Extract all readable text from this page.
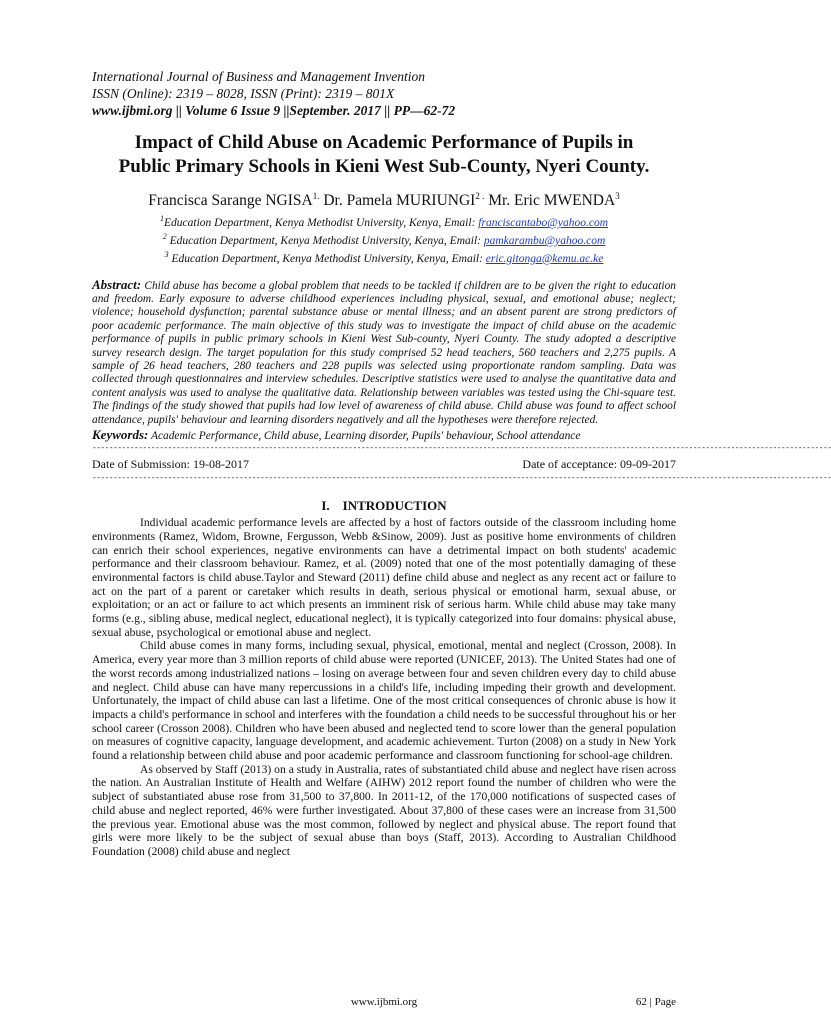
International Journal of Business and Management Invention
ISSN (Online): 2319 – 8028, ISSN (Print): 2319 – 801X
www.ijbmi.org || Volume 6 Issue 9 ||September. 2017 || PP—62-72
Impact of Child Abuse on Academic Performance of Pupils in
Public Primary Schools in Kieni West Sub-County, Nyeri County.
Francisca Sarange $NGISA^{1.}$ Dr. Pamela $MURIUNGI^{2 .}$ Mr. Eric MWENDA$^3$
$^1$Education Department, Kenya Methodist University, Kenya, Email: franciscantabo@yahoo.com
$^2$ Education Department, Kenya Methodist University, Kenya, Email: pamkarambu@yahoo.com
$^3$ Education Department, Kenya Methodist University, Kenya, Email: eric.gitonga@kemu.ac.ke
Abstract: Child abuse has become a global problem that needs to be tackled if children are to be given the right to education and freedom. Early exposure to adverse childhood experiences including physical, sexual, and emotional abuse; neglect; violence; household dysfunction; parental substance abuse or mental illness; and an absent parent are strong predictors of poor academic performance. The main objective of this study was to investigate the impact of child abuse on the academic performance of pupils in public primary schools in Kieni West Sub-county, Nyeri County. The study adopted a descriptive survey research design. The target population for this study comprised 52 head teachers, 560 teachers and 2,275 pupils. A sample of 26 head teachers, 280 teachers and 228 pupils was selected using proportionate random sampling. Data was collected through questionnaires and interview schedules. Descriptive statistics were used to analyse the quantitative data and content analysis was used to analyse the qualitative data. Relationship between variables was tested using the Chi-square test. The findings of the study showed that pupils had low level of awareness of child abuse. Child abuse was found to affect school attendance, pupils' behaviour and learning disorders negatively and all the hypotheses were therefore rejected.
Keywords: Academic Performance, Child abuse, Learning disorder, Pupils' behaviour, School attendance
--------------------------------------------------------------------------------------------------------------------------------------------------------------------------------
Date of Submission: 19-08-2017	Date of acceptance: 09-09-2017
--------------------------------------------------------------------------------------------------------------------------------------------------------------------------------
I.    INTRODUCTION

Individual academic performance levels are affected by a host of factors outside of the classroom including home environments (Ramez, Widom, Browne, Fergusson, Webb &Sinow, 2009). Just as positive home environments of children can enrich their school experiences, negative environments can have a detrimental impact on both students' academic performance and their classroom behaviour. Ramez, et al. (2009) noted that one of the most potentially damaging of these environmental factors is child abuse.Taylor and Steward (2011) define child abuse and neglect as any recent act or failure to act on the part of a parent or caretaker which results in death, serious physical or emotional harm, sexual abuse, or exploitation; or an act or failure to act which presents an imminent risk of serious harm. While child abuse may take many forms (e.g., sibling abuse, medical neglect, educational neglect), it is typically categorized into four domains: physical abuse, sexual abuse, psychological or emotional abuse and neglect.

Child abuse comes in many forms, including sexual, physical, emotional, mental and neglect (Crosson, 2008). In America, every year more than 3 million reports of child abuse were reported (UNICEF, 2013). The United States had one of the worst records among industrialized nations – losing on average between four and seven children every day to child abuse and neglect. Child abuse can have many repercussions in a child's life, including impeding their growth and development. Unfortunately, the impact of child abuse can last a lifetime. One of the most critical consequences of chronic abuse is how it impacts a child's performance in school and interferes with the foundation a child needs to be successful throughout his or her school career (Crosson 2008). Children who have been abused and neglected tend to score lower than the general population on measures of cognitive capacity, language development, and academic achievement. Turton (2008) on a study in New York found a relationship between child abuse and poor academic performance and classroom functioning for school-age children.

As observed by Staff (2013) on a study in Australia, rates of substantiated child abuse and neglect have risen across the nation. An Australian Institute of Health and Welfare (AIHW) 2012 report found the number of children who were the subject of substantiated abuse rose from 31,500 to 37,800. In 2011-12, of the 170,000 notifications of suspected cases of child abuse and neglect reported, 46% were further investigated. About 37,800 of these cases were an increase from 31,500 the previous year. Emotional abuse was the most common, followed by neglect and physical abuse. The report found that girls were more likely to be the subject of sexual abuse than boys (Staff, 2013). According to Australian Childhood Foundation (2008) child abuse and neglect

www.ijbmi.org	62 | Page
